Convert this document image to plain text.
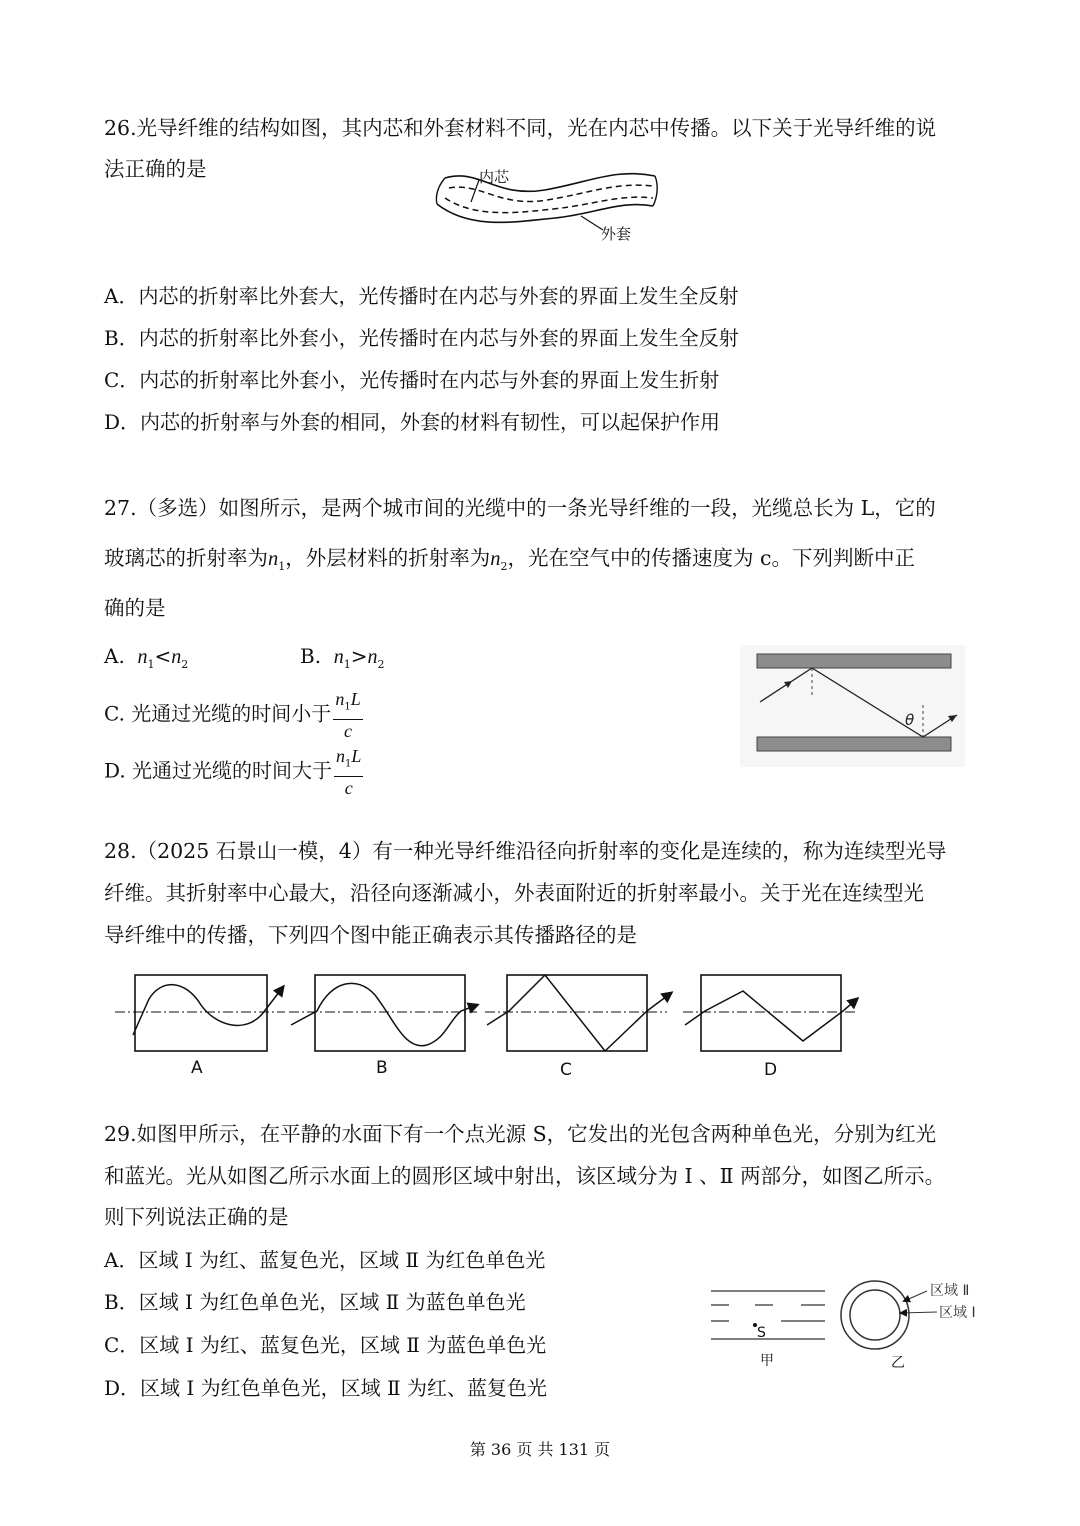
26.光导纤维的结构如图，其内芯和外套材料不同，光在内芯中传播。以下关于光导纤维的说
法正确的是	内芯
外套
A．内芯的折射率比外套大，光传播时在内芯与外套的界面上发生全反射
B．内芯的折射率比外套小，光传播时在内芯与外套的界面上发生全反射
C．内芯的折射率比外套小，光传播时在内芯与外套的界面上发生折射
D．内芯的折射率与外套的相同，外套的材料有韧性，可以起保护作用
27.（多选）如图所示，是两个城市间的光缆中的一条光导纤维的一段，光缆总长为 L，它的
玻璃芯的折射率为$n_1$，外层材料的折射率为$n_2$，光在空气中的传播速度为 c。下列判断中正
确的是
A. $n_1<n_2$	B. $n_1>n_2$
C. 光通过光缆的时间小于 $\frac{n_1L}{c}$
D. 光通过光缆的时间大于 $\frac{n_1L}{c}$
θ
28.（2025 石景山一模，4）有一种光导纤维沿径向折射率的变化是连续的，称为连续型光导
纤维。其折射率中心最大，沿径向逐渐减小，外表面附近的折射率最小。关于光在连续型光
导纤维中的传播，下列四个图中能正确表示其传播路径的是
A	B	C	D
29.如图甲所示，在平静的水面下有一个点光源 S，它发出的光包含两种单色光，分别为红光
和蓝光。光从如图乙所示水面上的圆形区域中射出，该区域分为 Ⅰ 、Ⅱ 两部分，如图乙所示。
则下列说法正确的是
A．区域 Ⅰ 为红、蓝复色光，区域 Ⅱ 为红色单色光
B．区域 Ⅰ 为红色单色光，区域 Ⅱ 为蓝色单色光
C．区域 Ⅰ 为红、蓝复色光，区域 Ⅱ 为蓝色单色光
D．区域 Ⅰ 为红色单色光，区域 Ⅱ 为红、蓝复色光
S
甲
区域 Ⅱ
区域 Ⅰ
乙
第 36 页 共 131 页
